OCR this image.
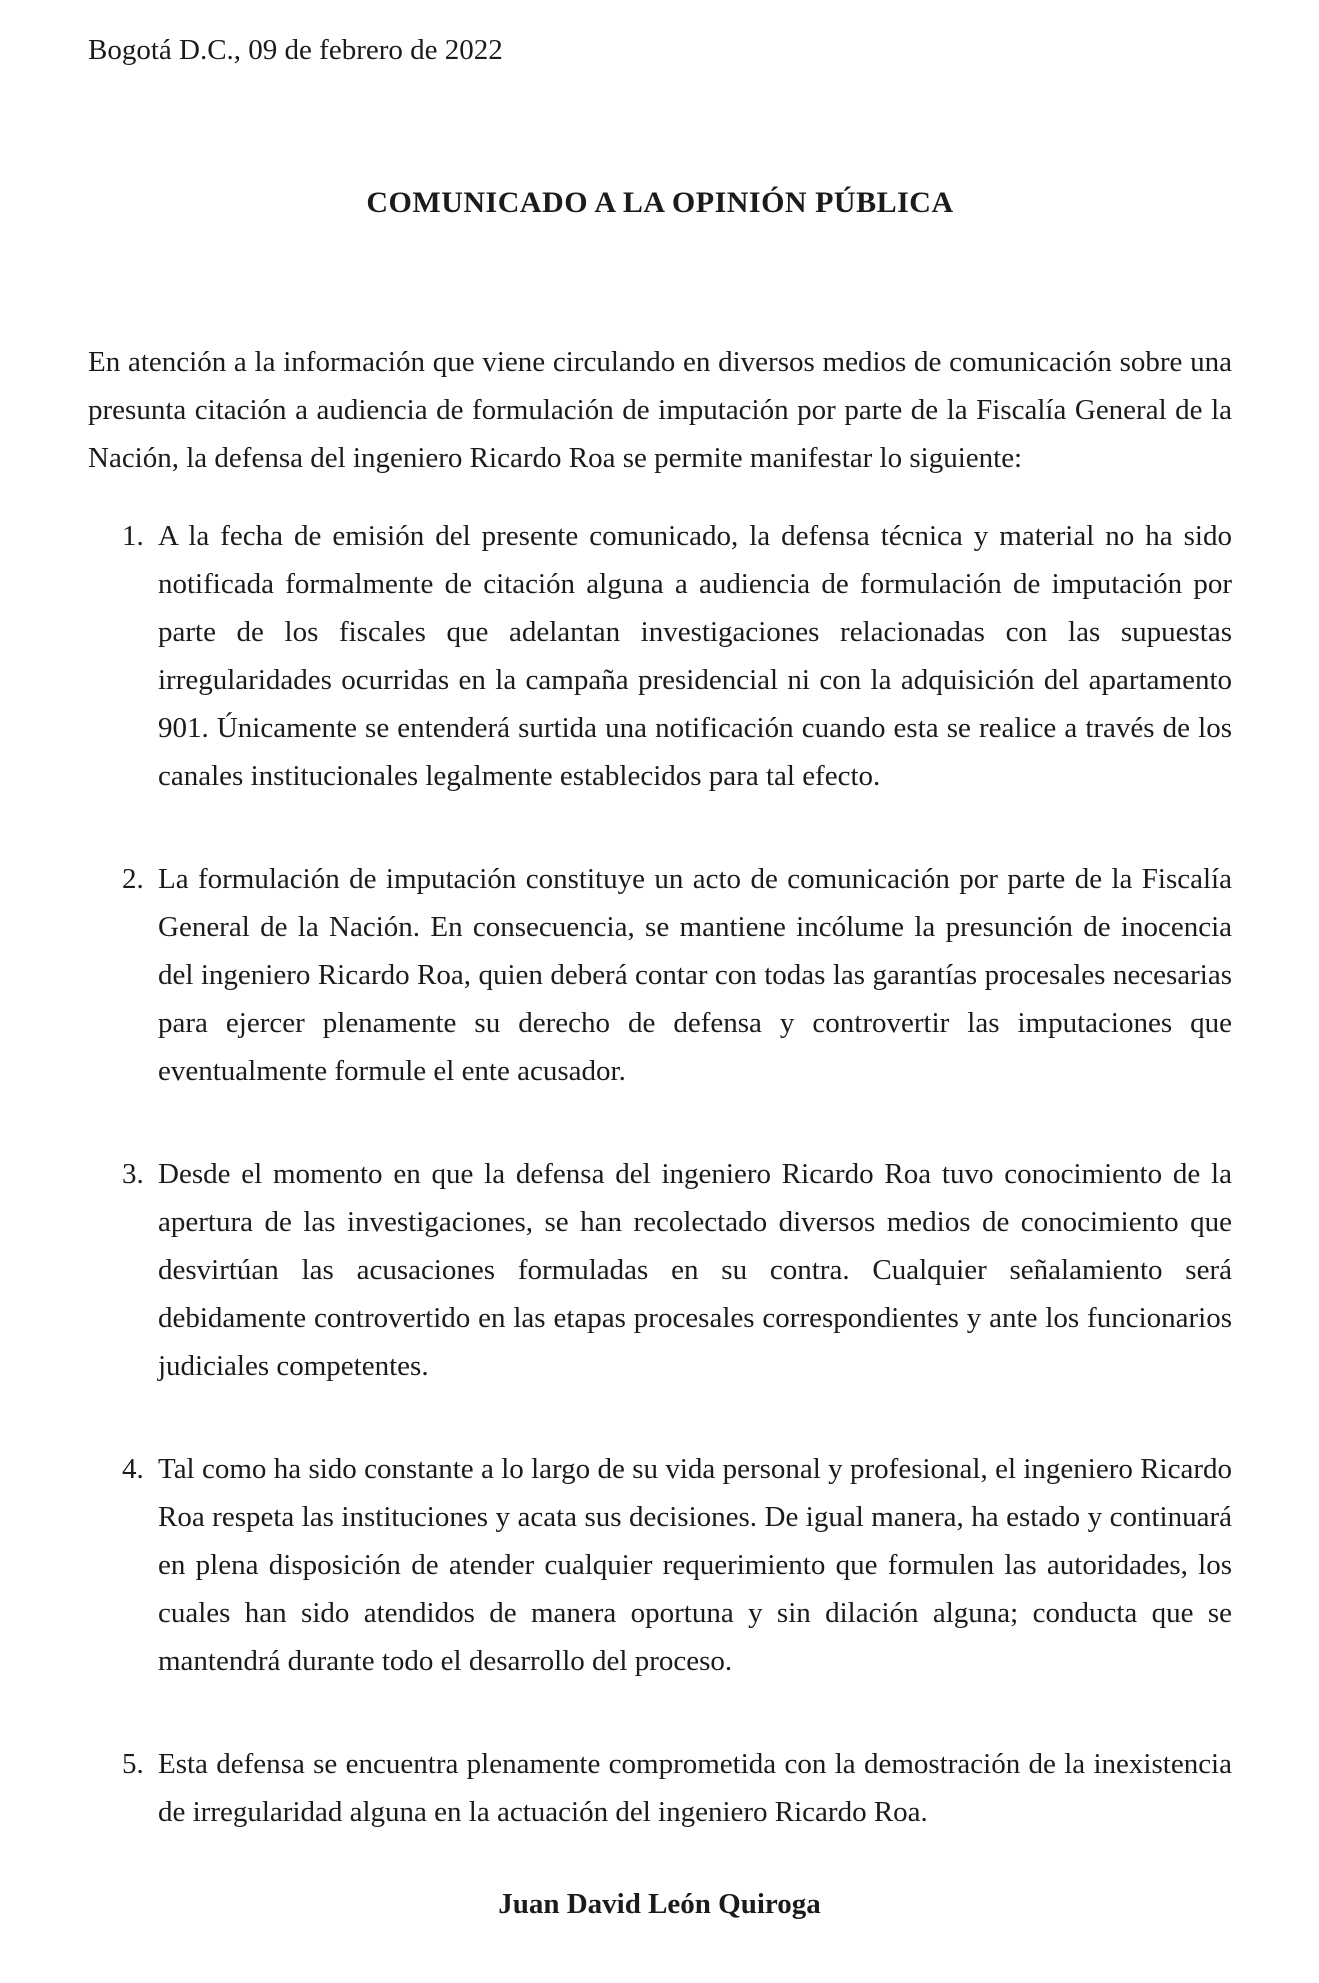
Bogotá D.C., 09 de febrero de 2022
COMUNICADO A LA OPINIÓN PÚBLICA

En atención a la información que viene circulando en diversos medios de comunicación sobre una presunta citación a audiencia de formulación de imputación por parte de la Fiscalía General de la Nación, la defensa del ingeniero Ricardo Roa se permite manifestar lo siguiente:

1. A la fecha de emisión del presente comunicado, la defensa técnica y material no ha sido notificada formalmente de citación alguna a audiencia de formulación de imputación por parte de los fiscales que adelantan investigaciones relacionadas con las supuestas irregularidades ocurridas en la campaña presidencial ni con la adquisición del apartamento 901. Únicamente se entenderá surtida una notificación cuando esta se realice a través de los canales institucionales legalmente establecidos para tal efecto.
2. La formulación de imputación constituye un acto de comunicación por parte de la Fiscalía General de la Nación. En consecuencia, se mantiene incólume la presunción de inocencia del ingeniero Ricardo Roa, quien deberá contar con todas las garantías procesales necesarias para ejercer plenamente su derecho de defensa y controvertir las imputaciones que eventualmente formule el ente acusador.
3. Desde el momento en que la defensa del ingeniero Ricardo Roa tuvo conocimiento de la apertura de las investigaciones, se han recolectado diversos medios de conocimiento que desvirtúan las acusaciones formuladas en su contra. Cualquier señalamiento será debidamente controvertido en las etapas procesales correspondientes y ante los funcionarios judiciales competentes.
4. Tal como ha sido constante a lo largo de su vida personal y profesional, el ingeniero Ricardo Roa respeta las instituciones y acata sus decisiones. De igual manera, ha estado y continuará en plena disposición de atender cualquier requerimiento que formulen las autoridades, los cuales han sido atendidos de manera oportuna y sin dilación alguna; conducta que se mantendrá durante todo el desarrollo del proceso.
5. Esta defensa se encuentra plenamente comprometida con la demostración de la inexistencia de irregularidad alguna en la actuación del ingeniero Ricardo Roa.
Juan David León Quiroga
